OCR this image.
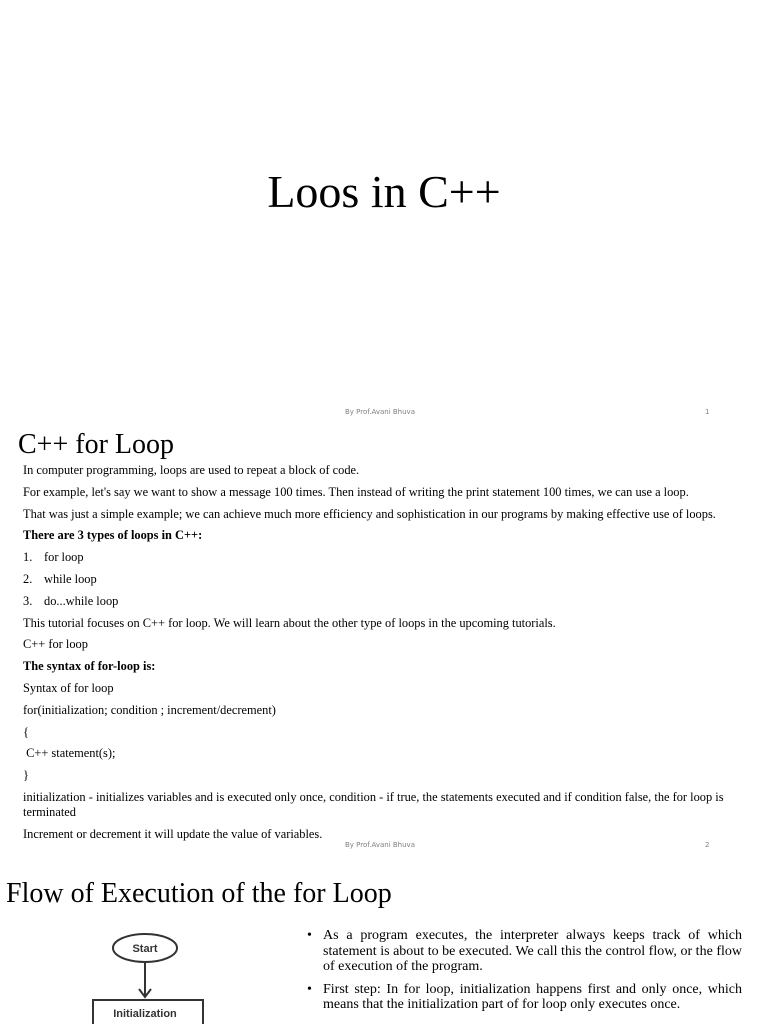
Loos in C++
By Prof.Avani Bhuva	1
C++ for Loop
In computer programming, loops are used to repeat a block of code.
For example, let's say we want to show a message 100 times. Then instead of writing the print statement 100 times, we can use a loop.
That was just a simple example; we can achieve much more efficiency and sophistication in our programs by making effective use of loops.
There are 3 types of loops in C++:
1. for loop
2. while loop
3. do...while loop
This tutorial focuses on C++ for loop. We will learn about the other type of loops in the upcoming tutorials.
C++ for loop
The syntax of for-loop is:
Syntax of for loop
for(initialization; condition ; increment/decrement)
{
C++ statement(s);
}
initialization - initializes variables and is executed only once, condition - if true, the statements executed and if condition false, the for loop is terminated
Increment or decrement it will update the value of variables.
By Prof.Avani Bhuva	2
Flow of Execution of the for Loop
Start
Initialization
• As a program executes, the interpreter always keeps track of which statement is about to be executed. We call this the control flow, or the flow of execution of the program.
• First step: In for loop, initialization happens first and only once, which means that the initialization part of for loop only executes once.
